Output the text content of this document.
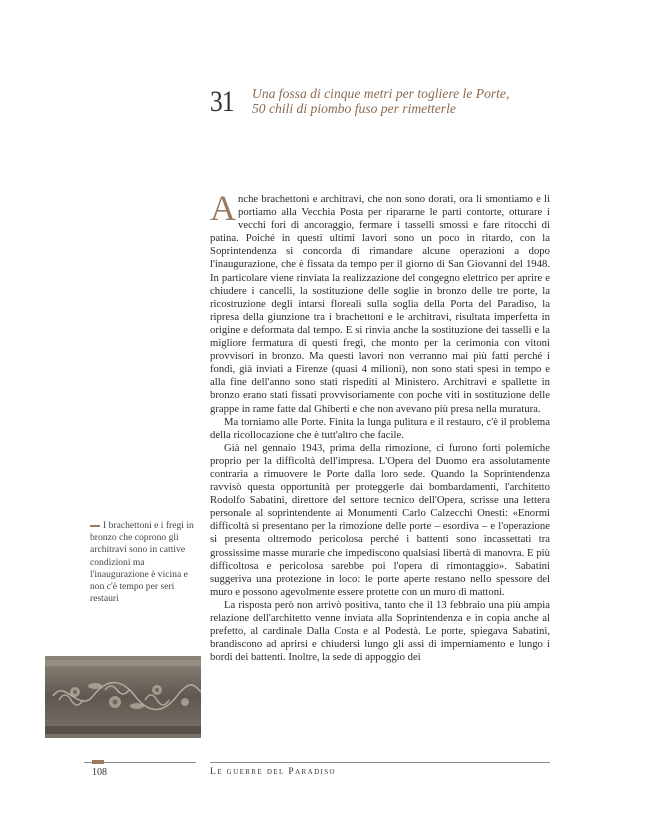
31 Una fossa di cinque metri per togliere le Porte,
50 chili di piombo fuso per rimetterle

Anche brachettoni e architravi, che non sono dorati, ora li smontiamo e li portiamo alla Vecchia Posta per ripararne le parti contorte, otturare i vecchi fori di ancoraggio, fermare i tasselli smossi e fare ritocchi di patina. Poiché in questi ultimi lavori sono un poco in ritardo, con la Soprintendenza si concorda di rimandare alcune operazioni a dopo l'inaugurazione, che è fissata da tempo per il giorno di San Giovanni del 1948. In particolare viene rinviata la realizzazione del congegno elettrico per aprire e chiudere i cancelli, la sostituzione delle soglie in bronzo delle tre porte, la ricostruzione degli intarsi floreali sulla soglia della Porta del Paradiso, la ripresa della giunzione tra i brachettoni e le architravi, risultata imperfetta in origine e deformata dal tempo. E si rinvia anche la sostituzione dei tasselli e la migliore fermatura di questi fregi, che monto per la cerimonia con vitoni provvisori in bronzo. Ma questi lavori non verranno mai più fatti perché i fondi, già inviati a Firenze (quasi 4 milioni), non sono stati spesi in tempo e alla fine dell'anno sono stati rispediti al Ministero. Architravi e spallette in bronzo erano stati fissati provvisoriamente con poche viti in sostituzione delle grappe in rame fatte dal Ghiberti e che non avevano più presa nella muratura.

Ma torniamo alle Porte. Finita la lunga pulitura e il restauro, c'è il problema della ricollocazione che è tutt'altro che facile.

Già nel gennaio 1943, prima della rimozione, ci furono forti polemiche proprio per la difficoltà dell'impresa. L'Opera del Duomo era assolutamente contraria a rimuovere le Porte dalla loro sede. Quando la Soprintendenza ravvisò questa opportunità per proteggerle dai bombardamenti, l'architetto Rodolfo Sabatini, direttore del settore tecnico dell'Opera, scrisse una lettera personale al soprintendente ai Monumenti Carlo Calzecchi Onesti: «Enormi difficoltà si presentano per la rimozione delle porte – esordiva – e l'operazione si presenta oltremodo pericolosa perché i battenti sono incassettati tra grossissime masse murarie che impediscono qualsiasi libertà di manovra. E più difficoltosa e pericolosa sarebbe poi l'opera di rimontaggio». Sabatini suggeriva una protezione in loco: le porte aperte restano nello spessore del muro e possono agevolmente essere protette con un muro di mattoni.

La risposta però non arrivò positiva, tanto che il 13 febbraio una più ampia relazione dell'architetto venne inviata alla Soprintendenza e in copia anche al prefetto, al cardinale Dalla Costa e al Podestà. Le porte, spiegava Sabatini, brandiscono ad aprirsi e chiudersi lungo gli assi di imperniamento e lungo i bordi dei battenti. Inoltre, la sede di appoggio dei

I brachettoni e i fregi in bronzo che coprono gli architravi sono in cattive condizioni ma l'inaugurazione è vicina e non c'è tempo per seri restauri
108	Le guerre del Paradiso
